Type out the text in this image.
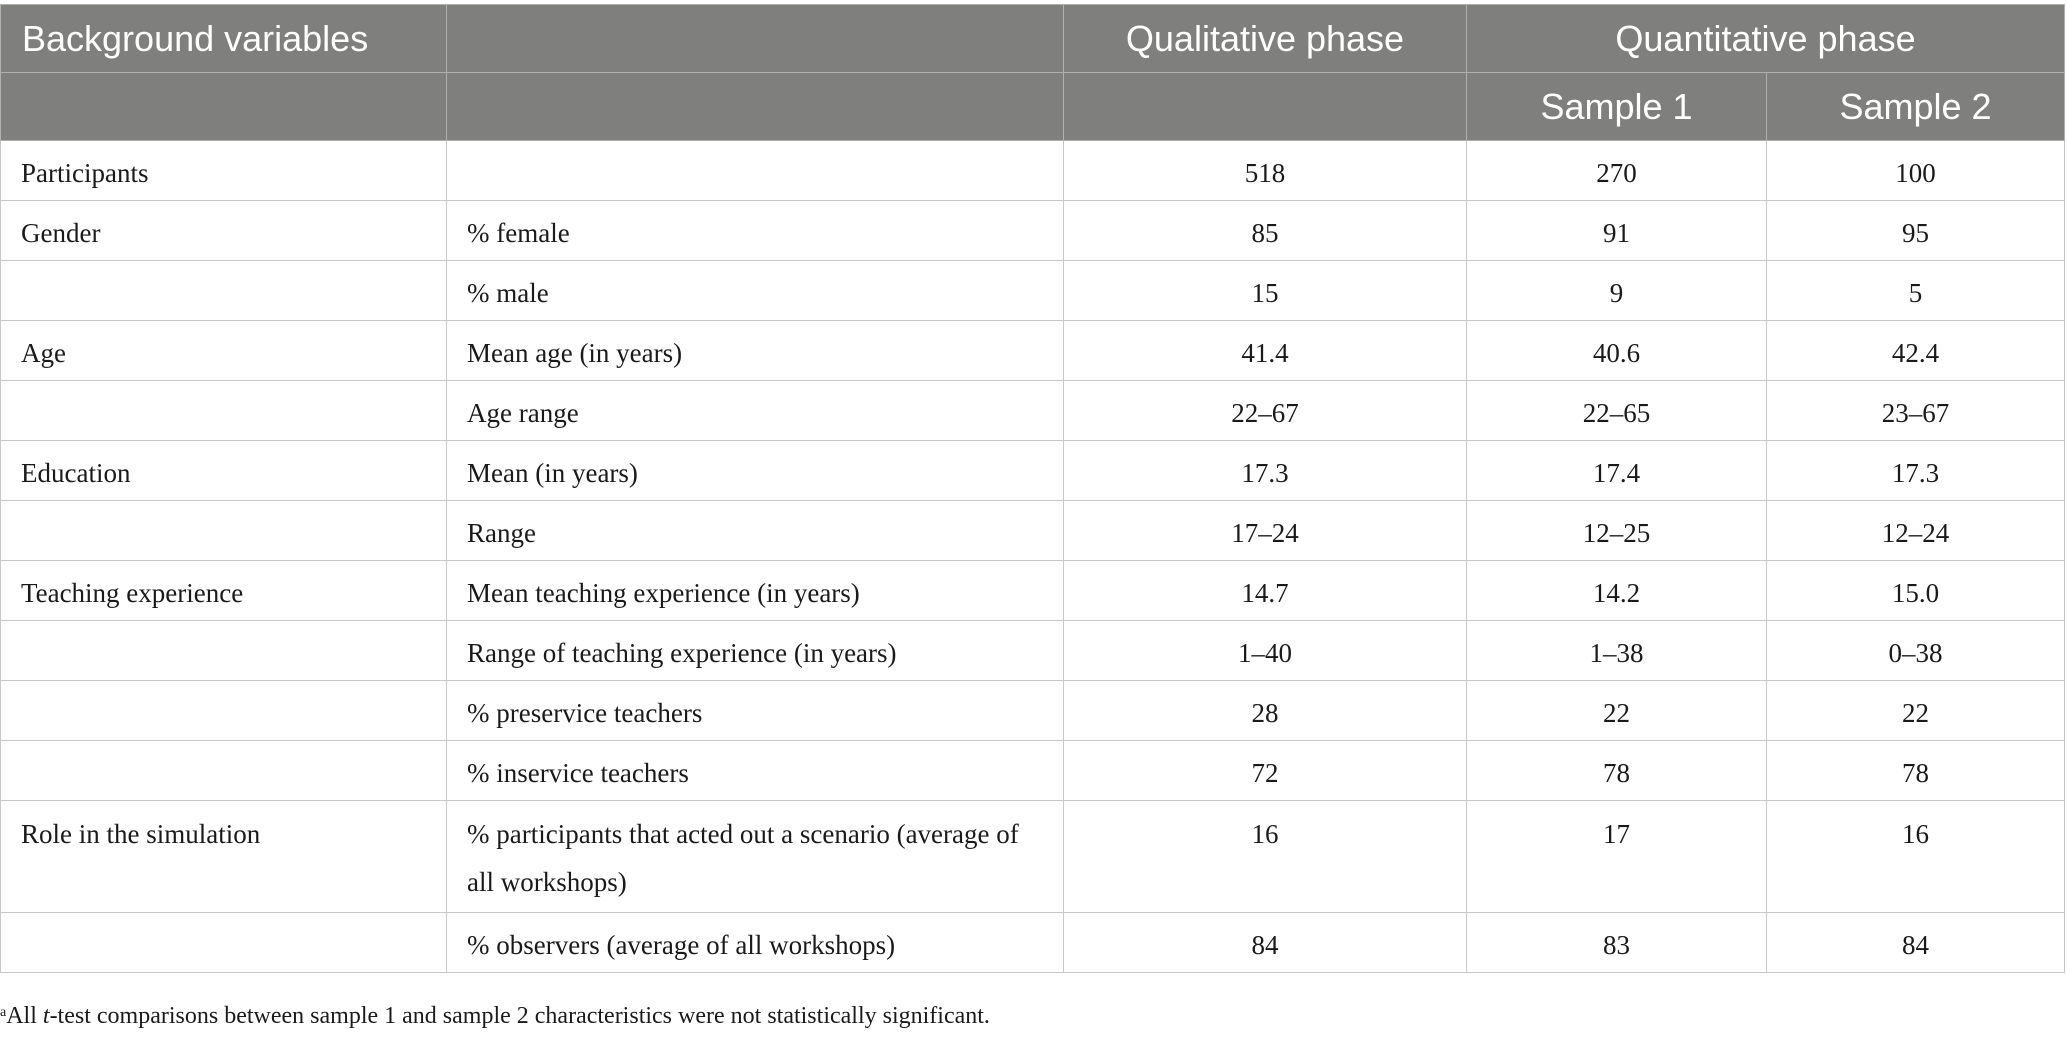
Background variables		Qualitative phase	Quantitative phase	
			Sample 1	Sample 2
Participants		518	270	100
Gender	% female	85	91	95
	% male	15	9	5
Age	Mean age (in years)	41.4	40.6	42.4
	Age range	22–67	22–65	23–67
Education	Mean (in years)	17.3	17.4	17.3
	Range	17–24	12–25	12–24
Teaching experience	Mean teaching experience (in years)	14.7	14.2	15.0
	Range of teaching experience (in years)	1–40	1–38	0–38
	% preservice teachers	28	22	22
	% inservice teachers	72	78	78
Role in the simulation	% participants that acted out a scenario (average of all workshops)	16	17	16
	% observers (average of all workshops)	84	83	84
$^a$All t-test comparisons between sample 1 and sample 2 characteristics were not statistically significant.
